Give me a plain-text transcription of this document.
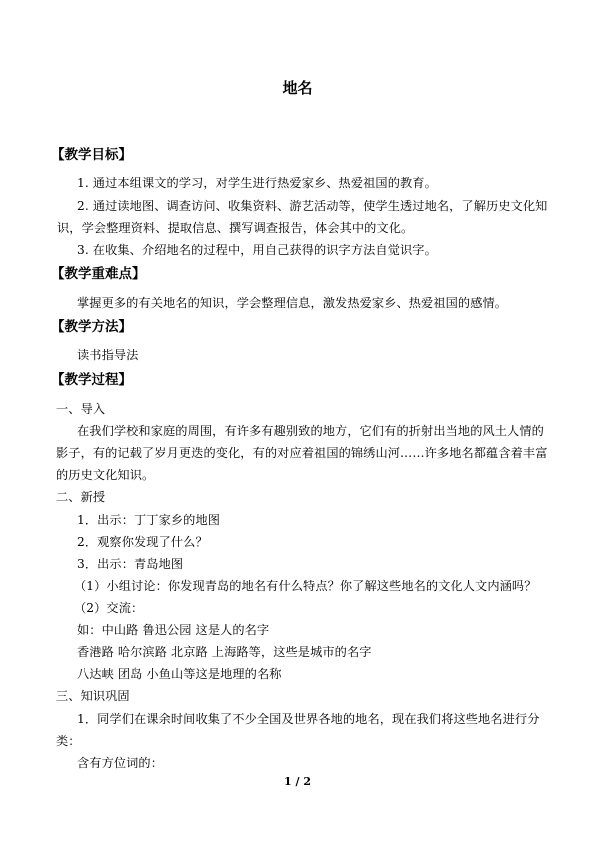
地名
【教学目标】
1. 通过本组课文的学习，对学生进行热爱家乡、热爱祖国的教育。
2. 通过读地图、调查访问、收集资料、游艺活动等，使学生透过地名，了解历史文化知
识，学会整理资料、提取信息、撰写调查报告，体会其中的文化。
3. 在收集、介绍地名的过程中，用自己获得的识字方法自觉识字。
【教学重难点】
掌握更多的有关地名的知识，学会整理信息，激发热爱家乡、热爱祖国的感情。
【教学方法】
读书指导法
【教学过程】
一、导入
在我们学校和家庭的周围，有许多有趣别致的地方，它们有的折射出当地的风土人情的
影子，有的记载了岁月更迭的变化，有的对应着祖国的锦绣山河……许多地名都蕴含着丰富
的历史文化知识。
二、新授
1．出示：丁丁家乡的地图
2．观察你发现了什么？
3．出示：青岛地图
（1）小组讨论：你发现青岛的地名有什么特点？你了解这些地名的文化人文内涵吗？
（2）交流：
如：中山路 鲁迅公园 这是人的名字
香港路 哈尔滨路 北京路 上海路等，这些是城市的名字
八达峡 团岛 小鱼山等这是地理的名称
三、知识巩固
1．同学们在课余时间收集了不少全国及世界各地的地名，现在我们将这些地名进行分
类：
含有方位词的：
1 / 2
